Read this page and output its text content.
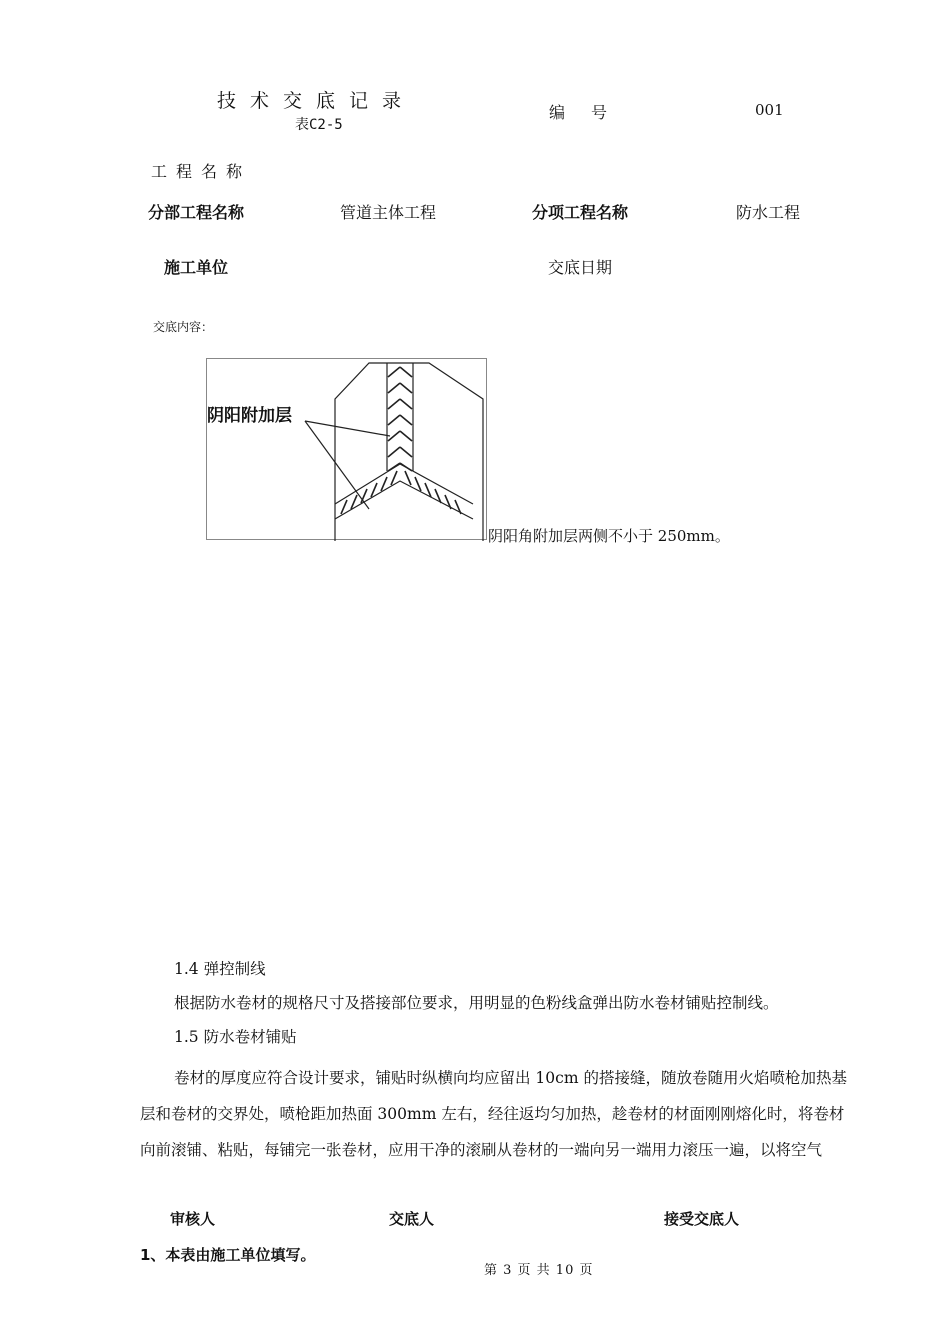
技术交底记录
表C2-5
编号	001
工程名称
分部工程名称	管道主体工程	分项工程名称	防水工程
施工单位	交底日期
交底内容：
阴阳附加层
阴阳角附加层两侧不小于 250mm。
1.4 弹控制线
根据防水卷材的规格尺寸及搭接部位要求，用明显的色粉线盒弹出防水卷材铺贴控制线。
1.5 防水卷材铺贴
卷材的厚度应符合设计要求，铺贴时纵横向均应留出 10cm 的搭接缝，随放卷随用火焰喷枪加热基
层和卷材的交界处，喷枪距加热面 300mm 左右，经往返均匀加热，趁卷材的材面刚刚熔化时，将卷材
向前滚铺、粘贴，每铺完一张卷材，应用干净的滚刷从卷材的一端向另一端用力滚压一遍，以将空气
审核人	交底人	接受交底人
1、本表由施工单位填写。
第 3 页 共 10 页
